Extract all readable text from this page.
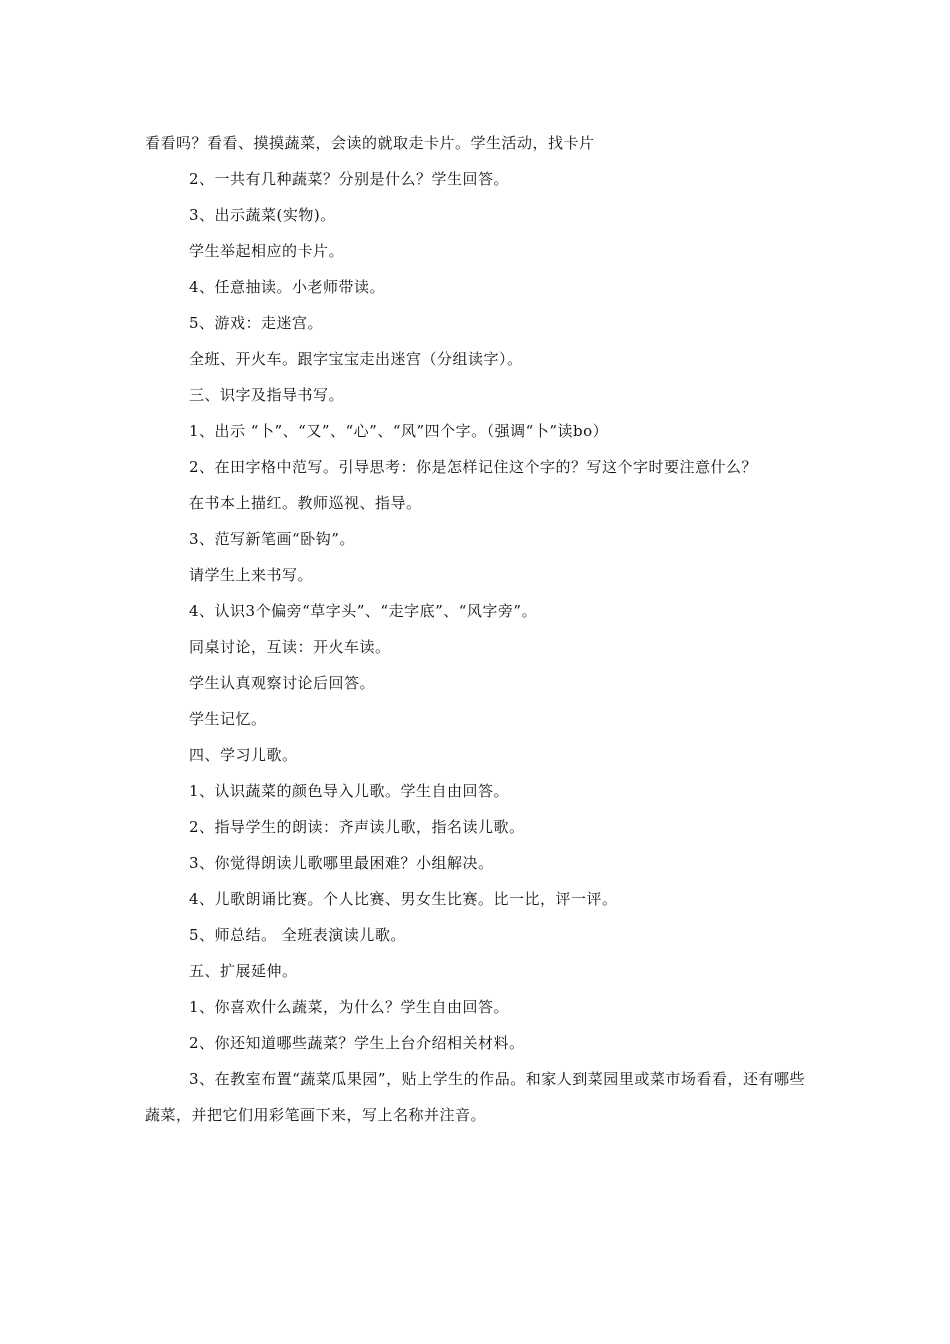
看看吗？看看、摸摸蔬菜，会读的就取走卡片。学生活动，找卡片
2、一共有几种蔬菜？分别是什么？学生回答。
3、出示蔬菜(实物)。
学生举起相应的卡片。
4、任意抽读。小老师带读。
5、游戏：走迷宫。
全班、开火车。跟字宝宝走出迷宫（分组读字）。
三、识字及指导书写。
1、出示 “卜”、“又”、“心”、“风”四个字。（强调“卜”读bo）
2、在田字格中范写。引导思考：你是怎样记住这个字的？写这个字时要注意什么？
在书本上描红。教师巡视、指导。
3、范写新笔画“卧钩”。
请学生上来书写。
4、认识3个偏旁“草字头”、“走字底”、“风字旁”。
同桌讨论，互读：开火车读。
学生认真观察讨论后回答。
学生记忆。
四、学习儿歌。
1、认识蔬菜的颜色导入儿歌。学生自由回答。
2、指导学生的朗读：齐声读儿歌，指名读儿歌。
3、你觉得朗读儿歌哪里最困难？小组解决。
4、儿歌朗诵比赛。个人比赛、男女生比赛。比一比，评一评。
5、师总结。 全班表演读儿歌。
五、扩展延伸。
1、你喜欢什么蔬菜，为什么？学生自由回答。
2、你还知道哪些蔬菜？学生上台介绍相关材料。
3、在教室布置“蔬菜瓜果园”，贴上学生的作品。和家人到菜园里或菜市场看看，还有哪些蔬菜，并把它们用彩笔画下来，写上名称并注音。
